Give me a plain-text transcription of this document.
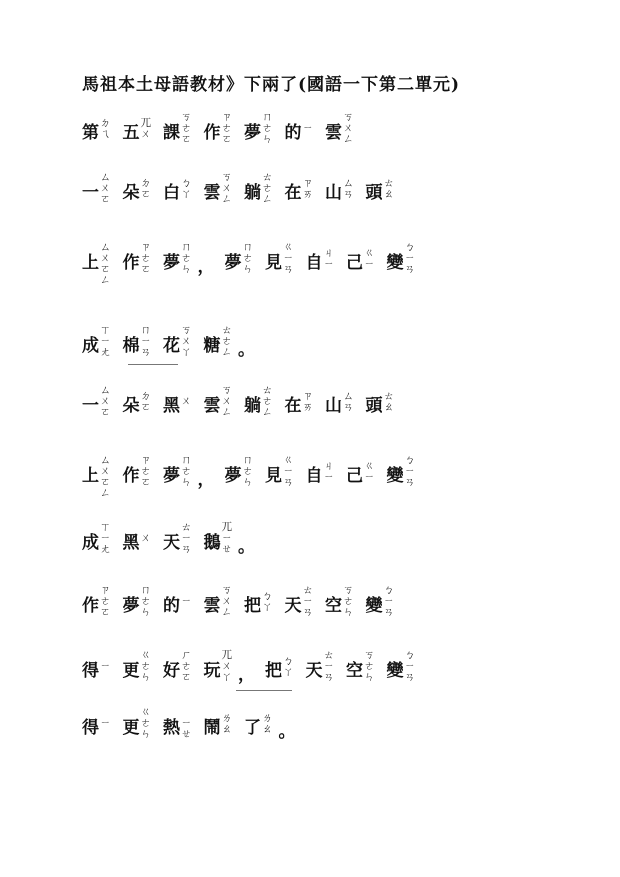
馬祖本土母語教材》下兩了(國語一下第二單元)
第 ㄉ
ㄟ 五 ㄫ
ㄨ 課
ㄎ
ㄜ
ㄛ 作
ㄗ
ㄜ
ㄛ 夢
ㄇ
ㄜ
ㄣ 的 ㄧ 雲
ㄎ
ㄨ
ㄥ
一
ㄙ
ㄨ
ㄛ 朵 ㄉ
ㄛ 白 ㄅ
ㄚ 雲
ㄎ
ㄨ
ㄥ 躺
ㄊ
ㄜ
ㄥ 在 ㄗ
ㄞ 山 ㄙ
ㄢ 頭 ㄊ
ㄠ
上
ㄙ
ㄨ
ㄛ
ㄥ
作
ㄗ
ㄜ
ㄛ 夢
ㄇ
ㄜ
ㄣ ， 夢
ㄇ
ㄜ
ㄣ 見
ㄍ
ㄧ
ㄢ 自 ㄐ
ㄧ 己 ㄍ
ㄧ 變
ㄅ
ㄧ
ㄢ
成
ㄒ
ㄧ
ㄤ 棉
ㄇ
ㄧ
ㄢ 花
ㄎ
ㄨ
ㄚ 糖
ㄊ
ㄜ
ㄥ 。
一
ㄙ
ㄨ
ㄛ 朵 ㄉ
ㄛ 黑 ㄨ 雲
ㄎ
ㄨ
ㄥ 躺
ㄊ
ㄜ
ㄥ 在 ㄗ
ㄞ 山 ㄙ
ㄢ 頭 ㄊ
ㄠ
上
ㄙ
ㄨ
ㄛ
ㄥ
作
ㄗ
ㄜ
ㄛ 夢
ㄇ
ㄜ
ㄣ ， 夢
ㄇ
ㄜ
ㄣ 見
ㄍ
ㄧ
ㄢ 自 ㄐ
ㄧ 己 ㄍ
ㄧ 變
ㄅ
ㄧ
ㄢ
成
ㄒ
ㄧ
ㄤ 黑 ㄨ 天
ㄊ
ㄧ
ㄢ 鵝
ㄫ
ㄧ
ㄝ 。
作
ㄗ
ㄜ
ㄛ 夢
ㄇ
ㄜ
ㄣ 的 ㄧ 雲
ㄎ
ㄨ
ㄥ 把 ㄅ
ㄚ 天
ㄊ
ㄧ
ㄢ 空
ㄎ
ㄜ
ㄣ 變
ㄅ
ㄧ
ㄢ
得 ㄧ 更
ㄍ
ㄜ
ㄣ 好
ㄏ
ㄜ
ㄛ 玩
ㄫ
ㄨ
ㄚ ， 把 ㄅ
ㄚ 天
ㄊ
ㄧ
ㄢ 空
ㄎ
ㄜ
ㄣ 變
ㄅ
ㄧ
ㄢ
得 ㄧ 更
ㄍ
ㄜ
ㄣ 熱 ㄧ
ㄝ 鬧 ㄌ
ㄠ 了 ㄌ
ㄠ 。
